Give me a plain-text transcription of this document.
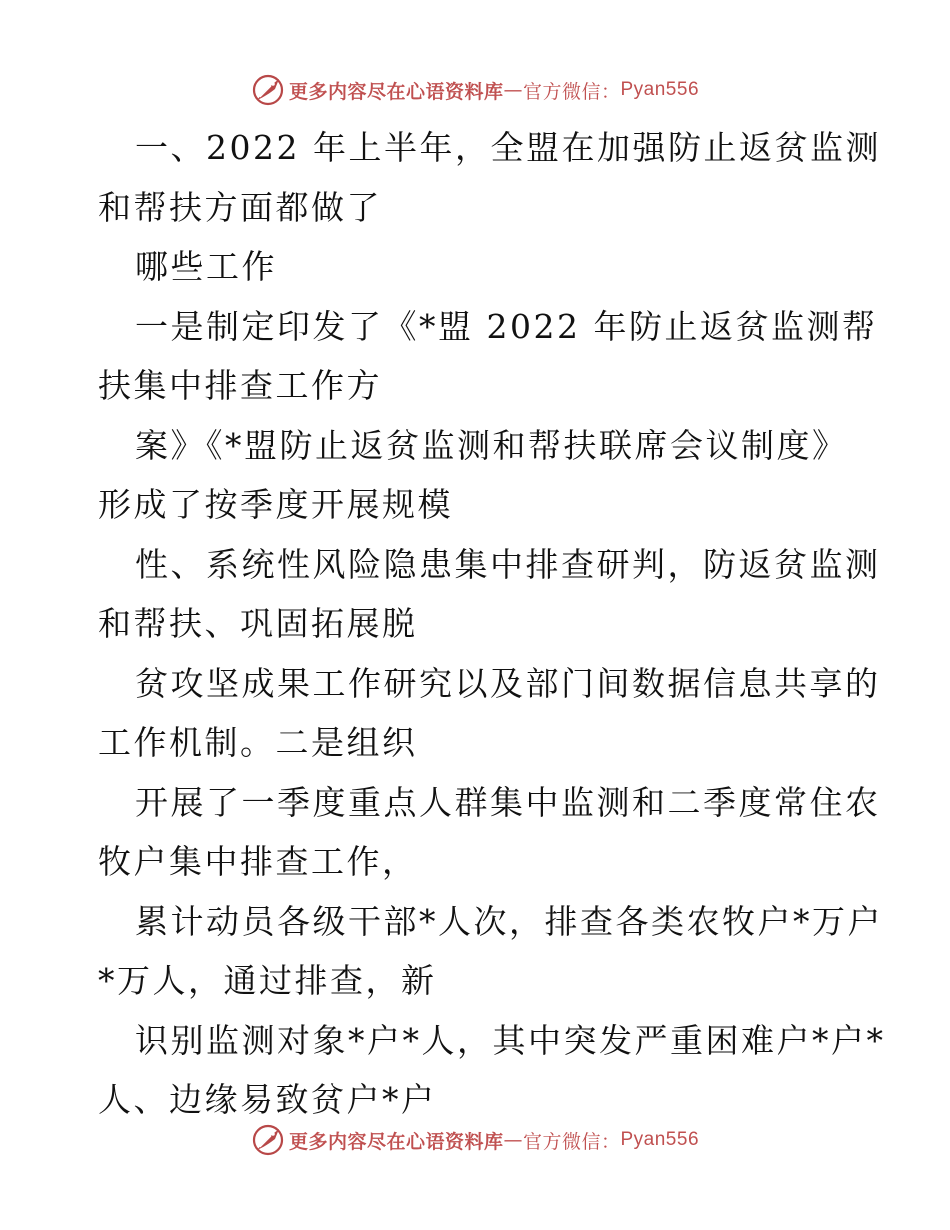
更多内容尽在心语资料库 — 官方微信： Pyan556
一、2022 年上半年，全盟在加强防止返贫监测
和帮扶方面都做了
哪些工作
一是制定印发了《*盟 2022 年防止返贫监测帮
扶集中排查工作方
案》《*盟防止返贫监测和帮扶联席会议制度》
形成了按季度开展规模
性、系统性风险隐患集中排查研判，防返贫监测
和帮扶、巩固拓展脱
贫攻坚成果工作研究以及部门间数据信息共享的
工作机制。二是组织
开展了一季度重点人群集中监测和二季度常住农
牧户集中排查工作，
累计动员各级干部*人次，排查各类农牧户*万户
*万人，通过排查，新
识别监测对象*户*人，其中突发严重困难户*户*
人、边缘易致贫户*户
更多内容尽在心语资料库 — 官方微信： Pyan556
